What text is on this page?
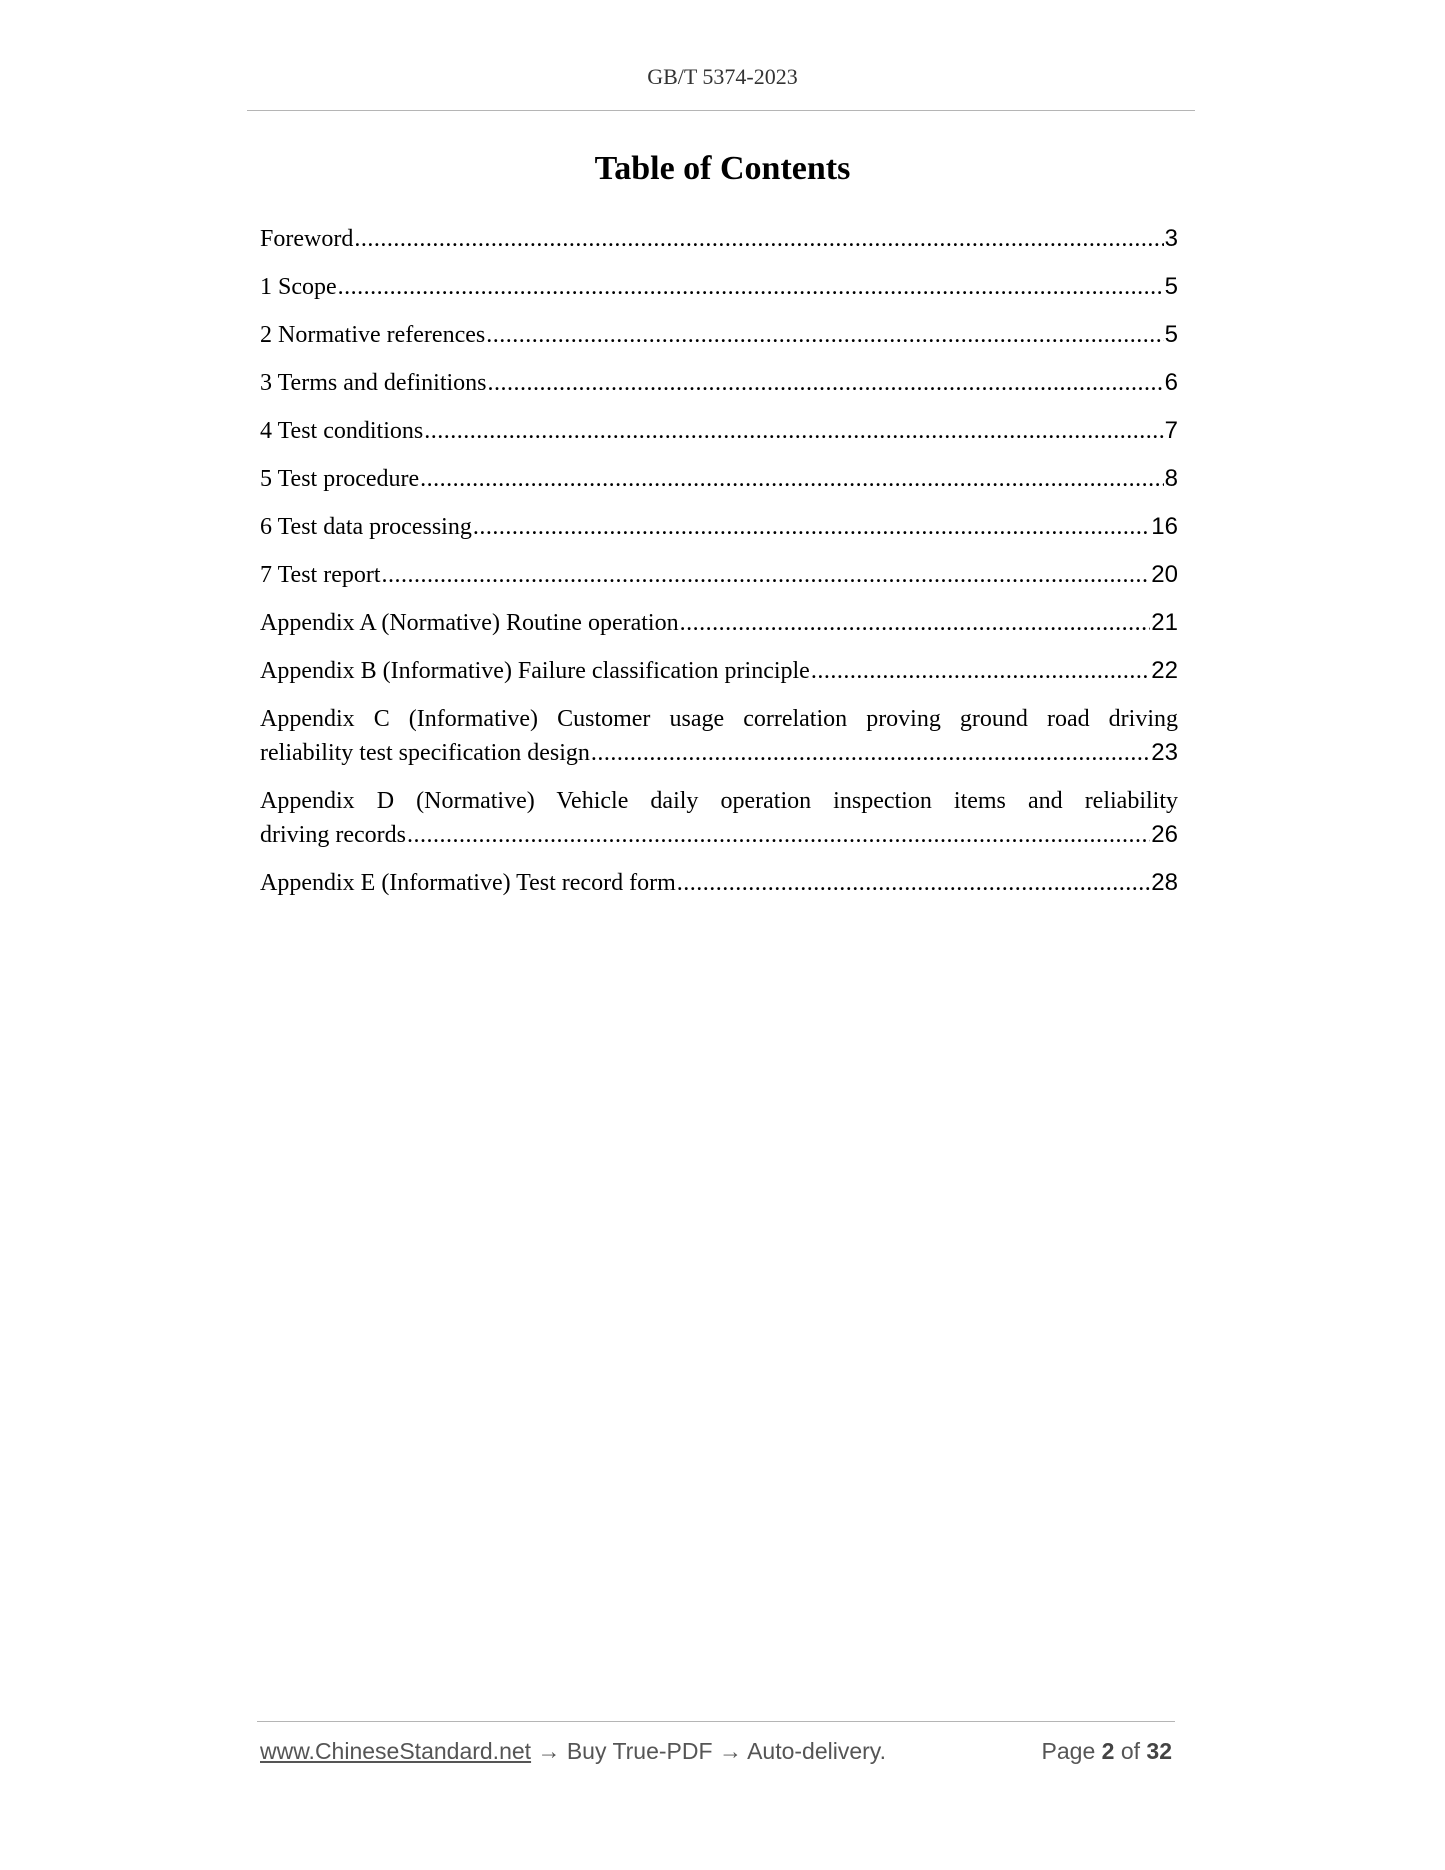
GB/T 5374-2023
Table of Contents
Foreword .....	3
1 Scope .....	5
2 Normative references .....	5
3 Terms and definitions .....	6
4 Test conditions .....	7
5 Test procedure .....	8
6 Test data processing .....	16
7 Test report .....	20
Appendix A (Normative) Routine operation .....	21
Appendix B (Informative) Failure classification principle .....	22
Appendix C (Informative) Customer usage correlation proving ground road driving
reliability test specification design .....	23
Appendix D (Normative) Vehicle daily operation inspection items and reliability
driving records .....	26
Appendix E (Informative) Test record form .....	28
www.ChineseStandard.net → Buy True-PDF → Auto-delivery.	Page 2 of 32
